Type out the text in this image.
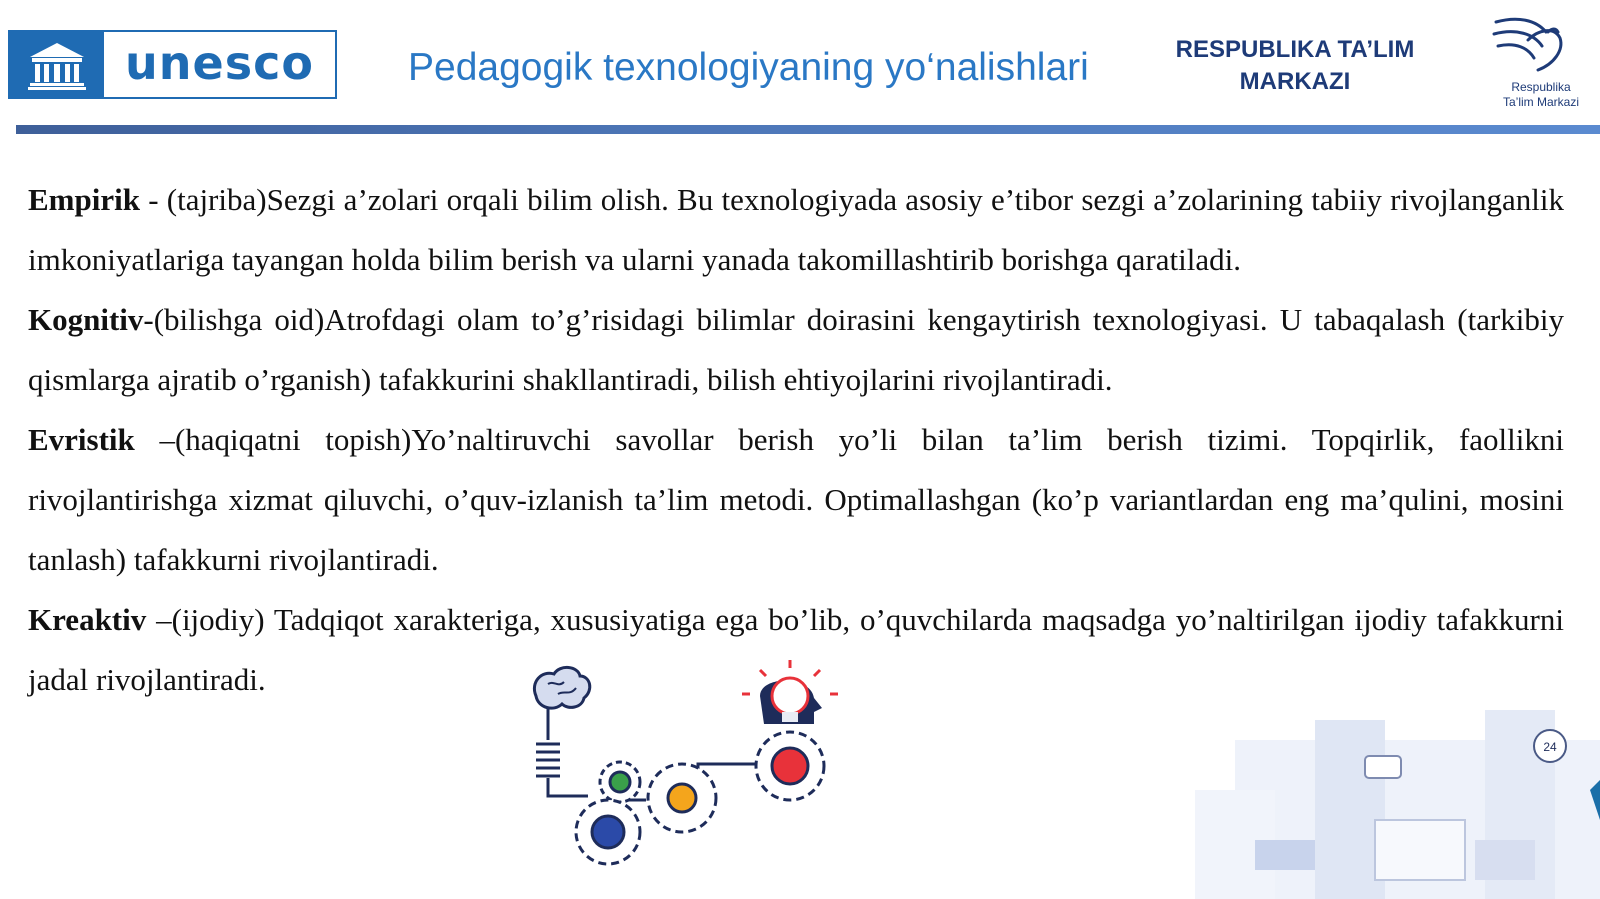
unesco	Pedagogik texnologiyaning yo‘nalishlari	RESPUBLIKA TA’LIM MARKAZI	Respublika
Ta’lim Markazi

Empirik - (tajriba)Sezgi a’zolari orqali bilim olish. Bu texnologiyada asosiy e’tibor sezgi a’zolarining tabiiy rivojlanganlik imkoniyatlariga tayangan holda bilim berish va ularni yanada takomillashtirib borishga qaratiladi.

Kognitiv-(bilishga oid)Atrofdagi olam to’g’risidagi bilimlar doirasini kengaytirish texnologiyasi. U tabaqalash (tarkibiy qismlarga ajratib o’rganish) tafakkurini shakllantiradi, bilish ehtiyojlarini rivojlantiradi.

Evristik –(haqiqatni topish)Yo’naltiruvchi savollar berish yo’li bilan ta’lim berish tizimi. Topqirlik, faollikni rivojlantirishga xizmat qiluvchi, o’quv-izlanish ta’lim metodi. Optimallashgan (ko’p variantlardan eng ma’qulini, mosini tanlash) tafakkurni rivojlantiradi.

Kreaktiv –(ijodiy) Tadqiqot xarakteriga, xususiyatiga ega bo’lib, o’quvchilarda maqsadga yo’naltirilgan ijodiy tafakkurni jadal rivojlantiradi.

24
